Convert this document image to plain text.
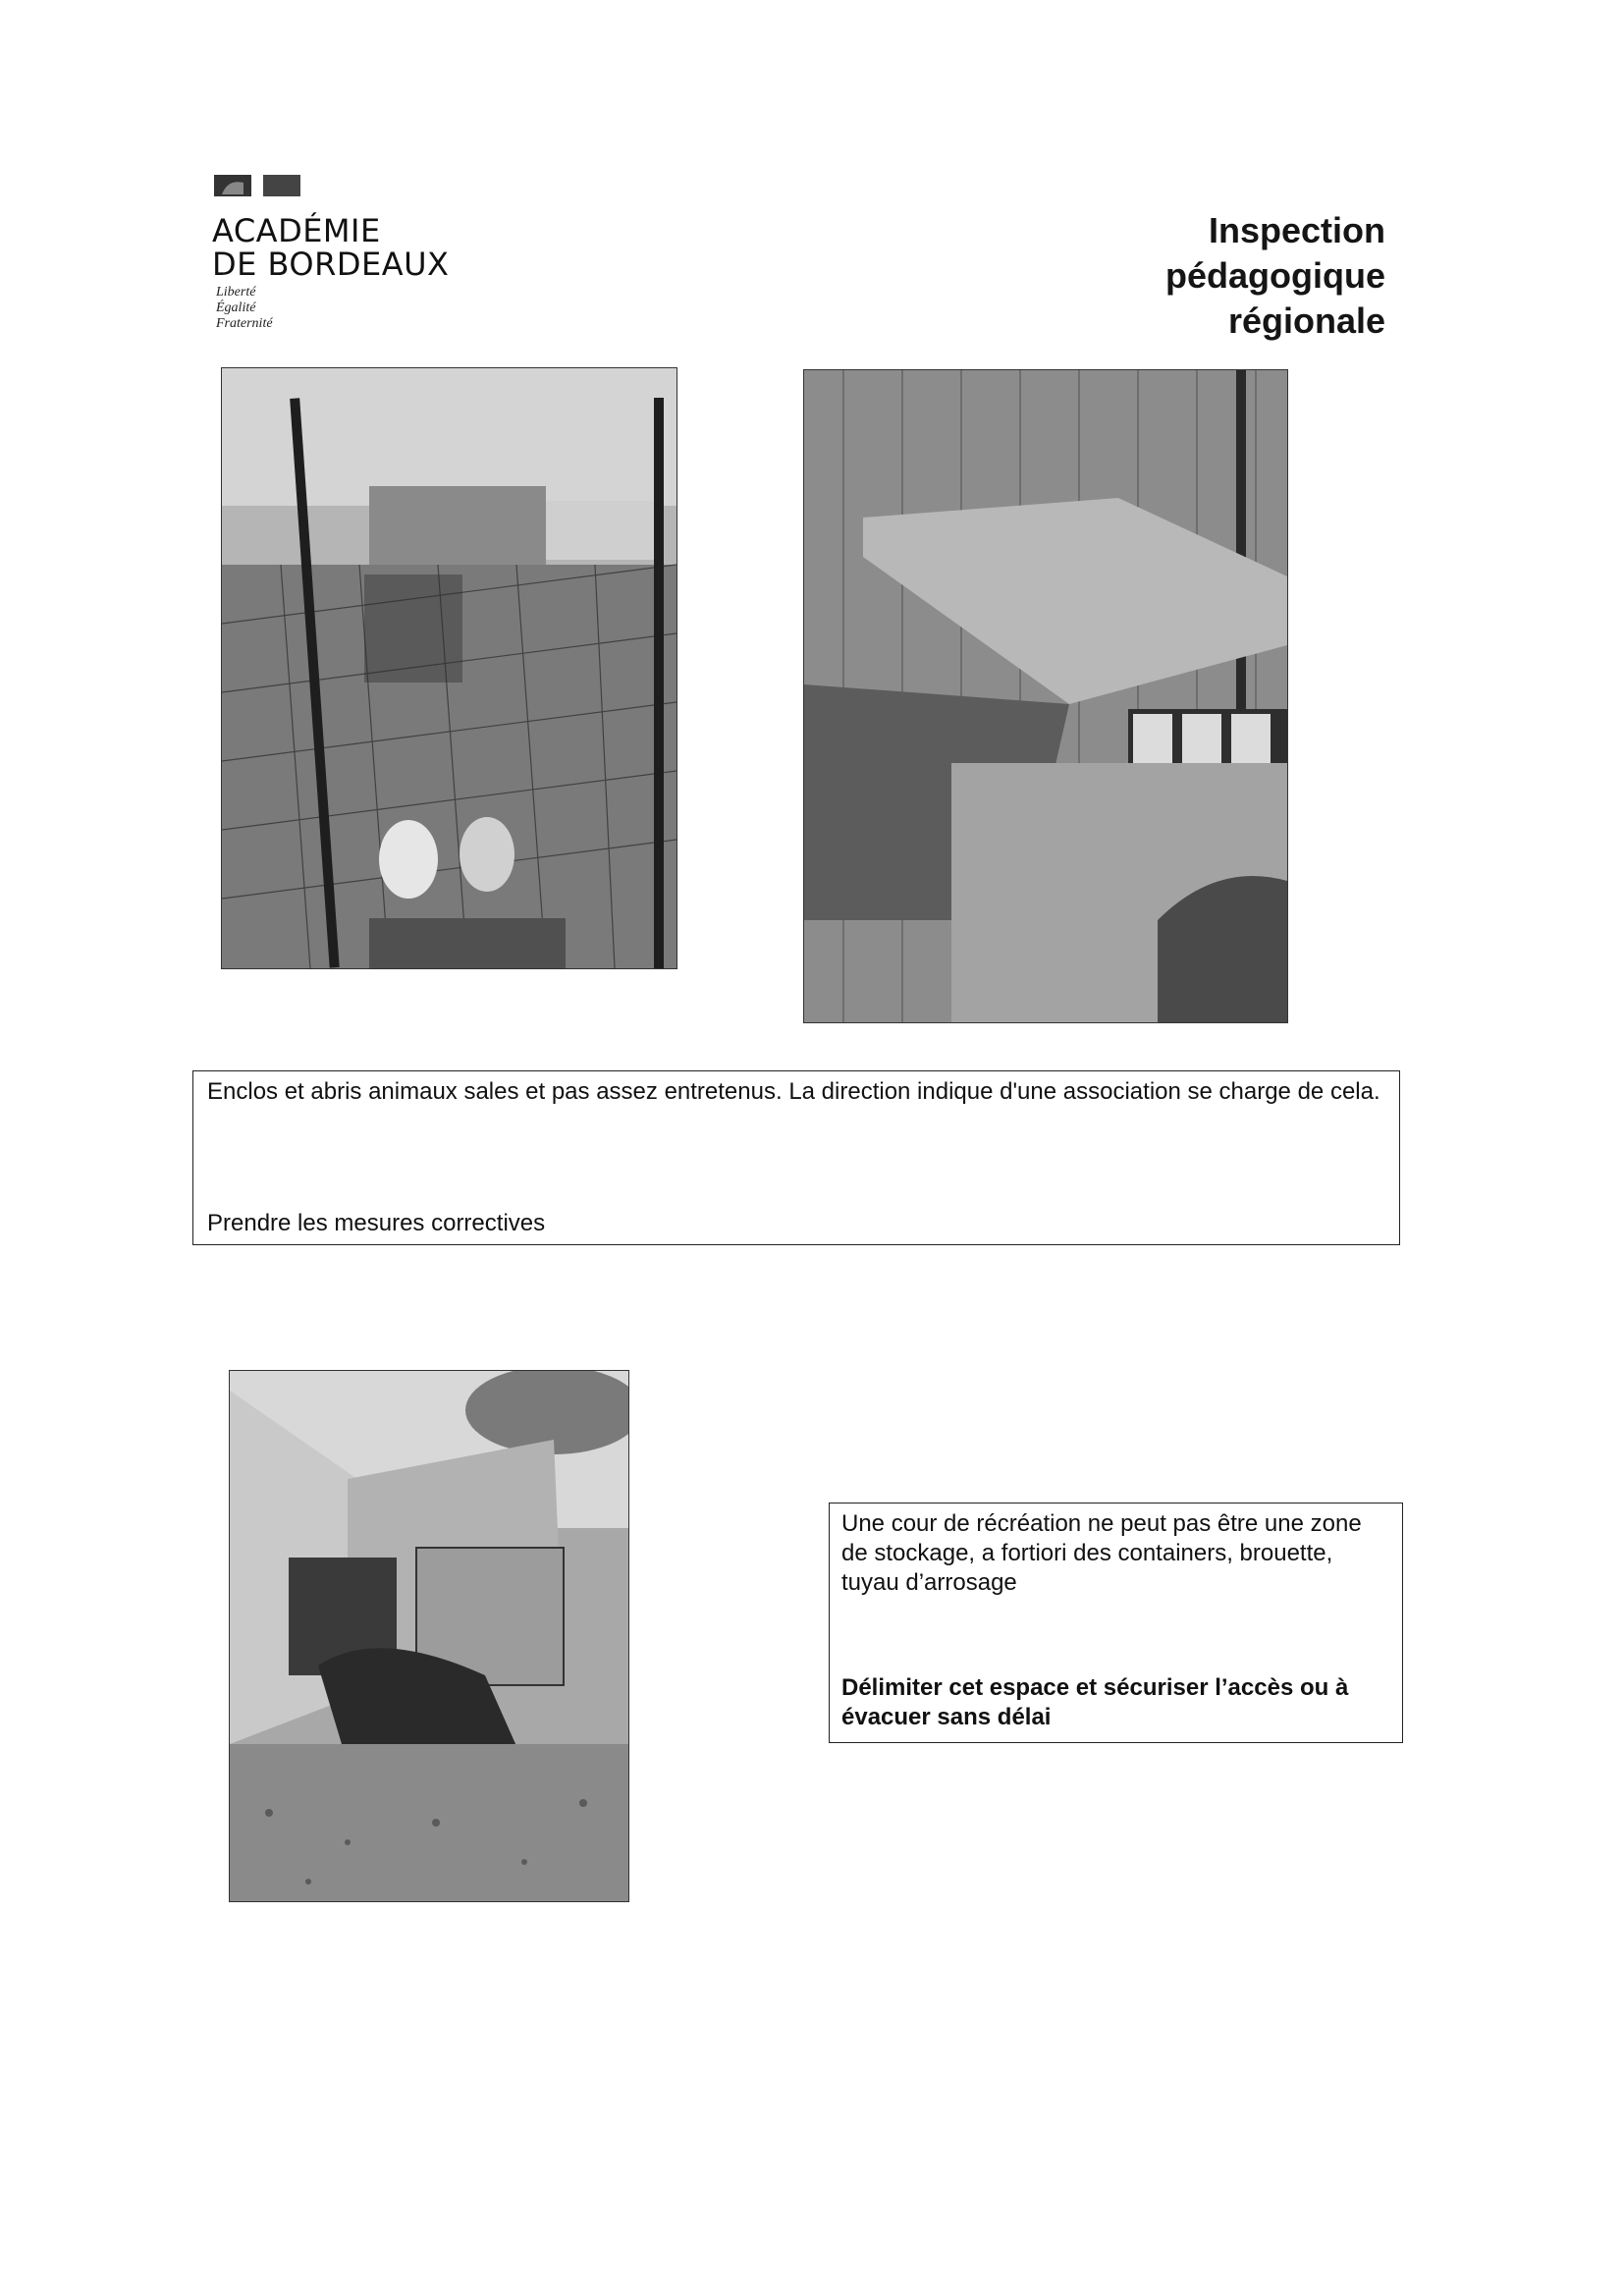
ACADÉMIE
DE BORDEAUX
Liberté
Égalité
Fraternité
Inspection
pédagogique
régionale
Enclos et abris animaux sales et pas assez entretenus. La direction indique d'une association se charge de cela.
Prendre les mesures correctives
Une cour de récréation ne peut pas être une zone de stockage, a fortiori des containers, brouette, tuyau d’arrosage
Délimiter cet espace et sécuriser l’accès ou à évacuer sans délai
